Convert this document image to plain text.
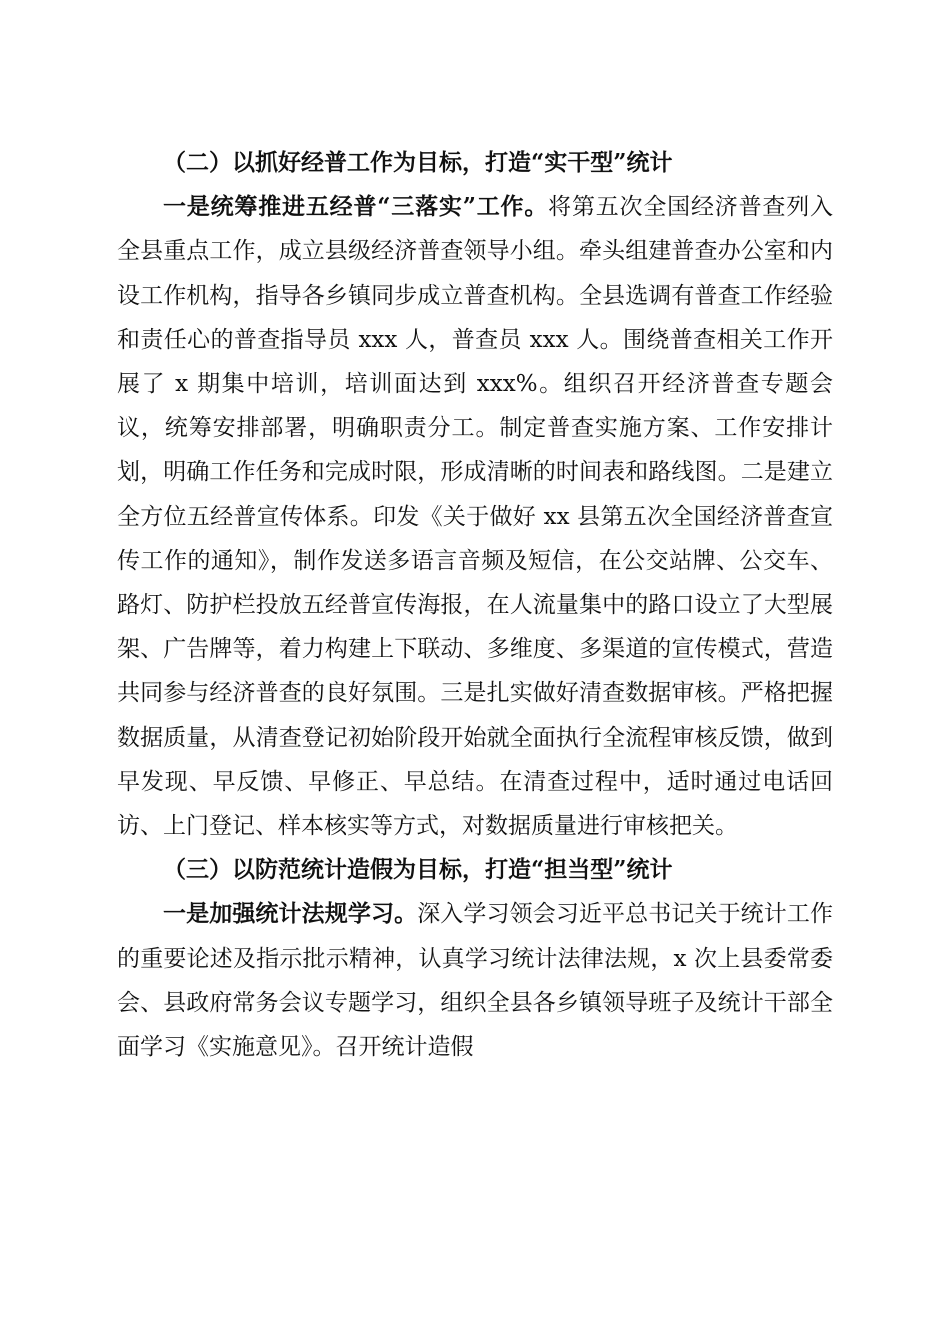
（二）以抓好经普工作为目标，打造“实干型”统计

一是统筹推进五经普“三落实”工作。将第五次全国经济普查列入全县重点工作，成立县级经济普查领导小组。牵头组建普查办公室和内设工作机构，指导各乡镇同步成立普查机构。全县选调有普查工作经验和责任心的普查指导员 xxx 人，普查员 xxx 人。围绕普查相关工作开展了 x 期集中培训，培训面达到 xxx%。组织召开经济普查专题会议，统筹安排部署，明确职责分工。制定普查实施方案、工作安排计划，明确工作任务和完成时限，形成清晰的时间表和路线图。二是建立全方位五经普宣传体系。印发《关于做好 xx 县第五次全国经济普查宣传工作的通知》，制作发送多语言音频及短信，在公交站牌、公交车、路灯、防护栏投放五经普宣传海报，在人流量集中的路口设立了大型展架、广告牌等，着力构建上下联动、多维度、多渠道的宣传模式，营造共同参与经济普查的良好氛围。三是扎实做好清查数据审核。严格把握数据质量，从清查登记初始阶段开始就全面执行全流程审核反馈，做到早发现、早反馈、早修正、早总结。在清查过程中，适时通过电话回访、上门登记、样本核实等方式，对数据质量进行审核把关。

（三）以防范统计造假为目标，打造“担当型”统计

一是加强统计法规学习。深入学习领会习近平总书记关于统计工作的重要论述及指示批示精神，认真学习统计法律法规，x 次上县委常委会、县政府常务会议专题学习，组织全县各乡镇领导班子及统计干部全面学习《实施意见》。召开统计造假
